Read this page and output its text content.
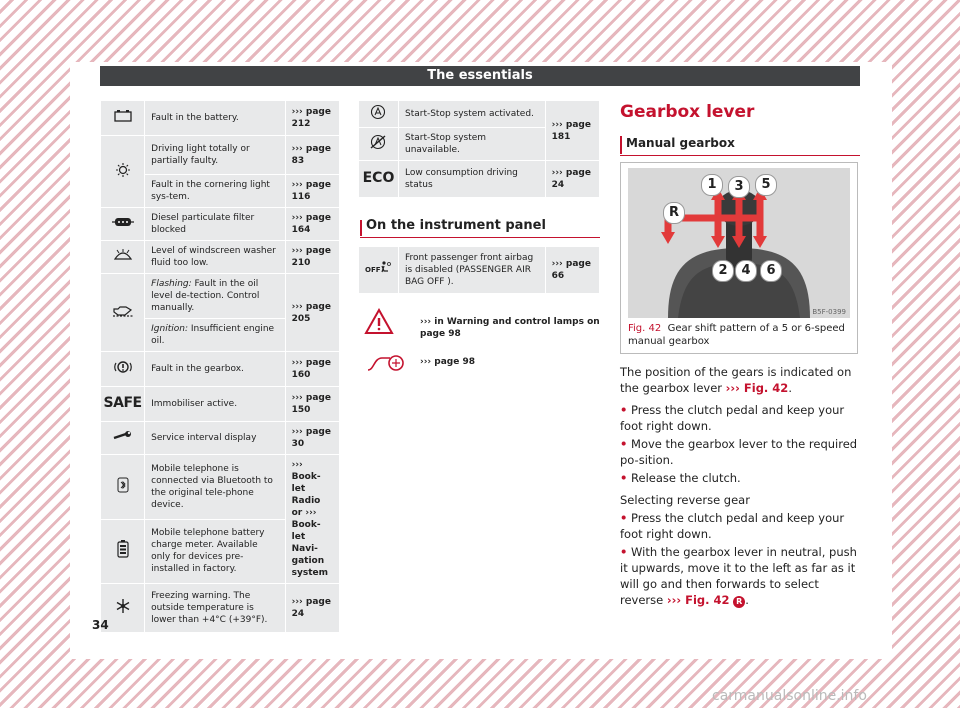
The essentials
	Fault in the battery.	››› page 212
	Driving light totally or partially faulty.	››› page 83
	Fault in the cornering light sys-tem.	››› page 116
	Diesel particulate filter blocked	››› page 164
	Level of windscreen washer fluid too low.	››› page 210
	Flashing: Fault in the oil level de-tection. Control manually.	››› page 205
	Ignition: Insufficient engine oil.	
	Fault in the gearbox.	››› page 160
SAFE	Immobiliser active.	››› page 150
	Service interval display	››› page 30
	Mobile telephone is connected via Bluetooth to the original tele-phone device.	››› Book-let Radio or ››› Book-let Navi-gation system
	Mobile telephone battery charge meter. Available only for devices pre-installed in factory.	
	Freezing warning. The outside temperature is lower than +4°C (+39°F).	››› page 24
	Start-Stop system activated.	››› page 181
	Start-Stop system unavailable.	
ECO	Low consumption driving status	››› page 24
On the instrument panel
OFF
	Front passenger front airbag is disabled (PASSENGER AIR BAG OFF ).	››› page 66
››› in Warning and control lamps on page 98
››› page 98
Gearbox lever
Manual gearbox
1	3	5
R
2	4	6
B5F-0399
Fig. 42 Gear shift pattern of a 5 or 6-speed manual gearbox

The position of the gears is indicated on the gearbox lever ››› Fig. 42.

• Press the clutch pedal and keep your foot right down.

• Move the gearbox lever to the required po-sition.

• Release the clutch.

Selecting reverse gear

• Press the clutch pedal and keep your foot right down.

• With the gearbox lever in neutral, push it upwards, move it to the left as far as it will go and then forwards to select reverse ››› Fig. 42 R .

34
carmanualsonline.info
